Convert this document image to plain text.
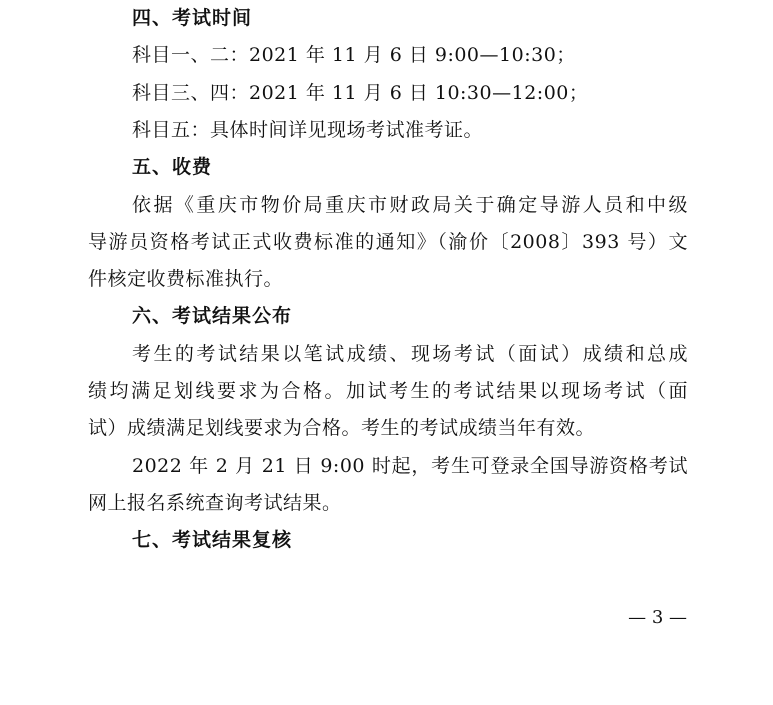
四、考试时间
科目一、二：2021 年 11 月 6 日 9:00—10:30；
科目三、四：2021 年 11 月 6 日 10:30—12:00；
科目五：具体时间详见现场考试准考证。
五、收费
依据《重庆市物价局重庆市财政局关于确定导游人员和中级
导游员资格考试正式收费标准的通知》（渝价〔2008〕393 号）文
件核定收费标准执行。
六、考试结果公布
考生的考试结果以笔试成绩、现场考试（面试）成绩和总成
绩均满足划线要求为合格。加试考生的考试结果以现场考试（面
试）成绩满足划线要求为合格。考生的考试成绩当年有效。
2022 年 2 月 21 日 9:00 时起，考生可登录全国导游资格考试
网上报名系统查询考试结果。
七、考试结果复核
— 3 —
